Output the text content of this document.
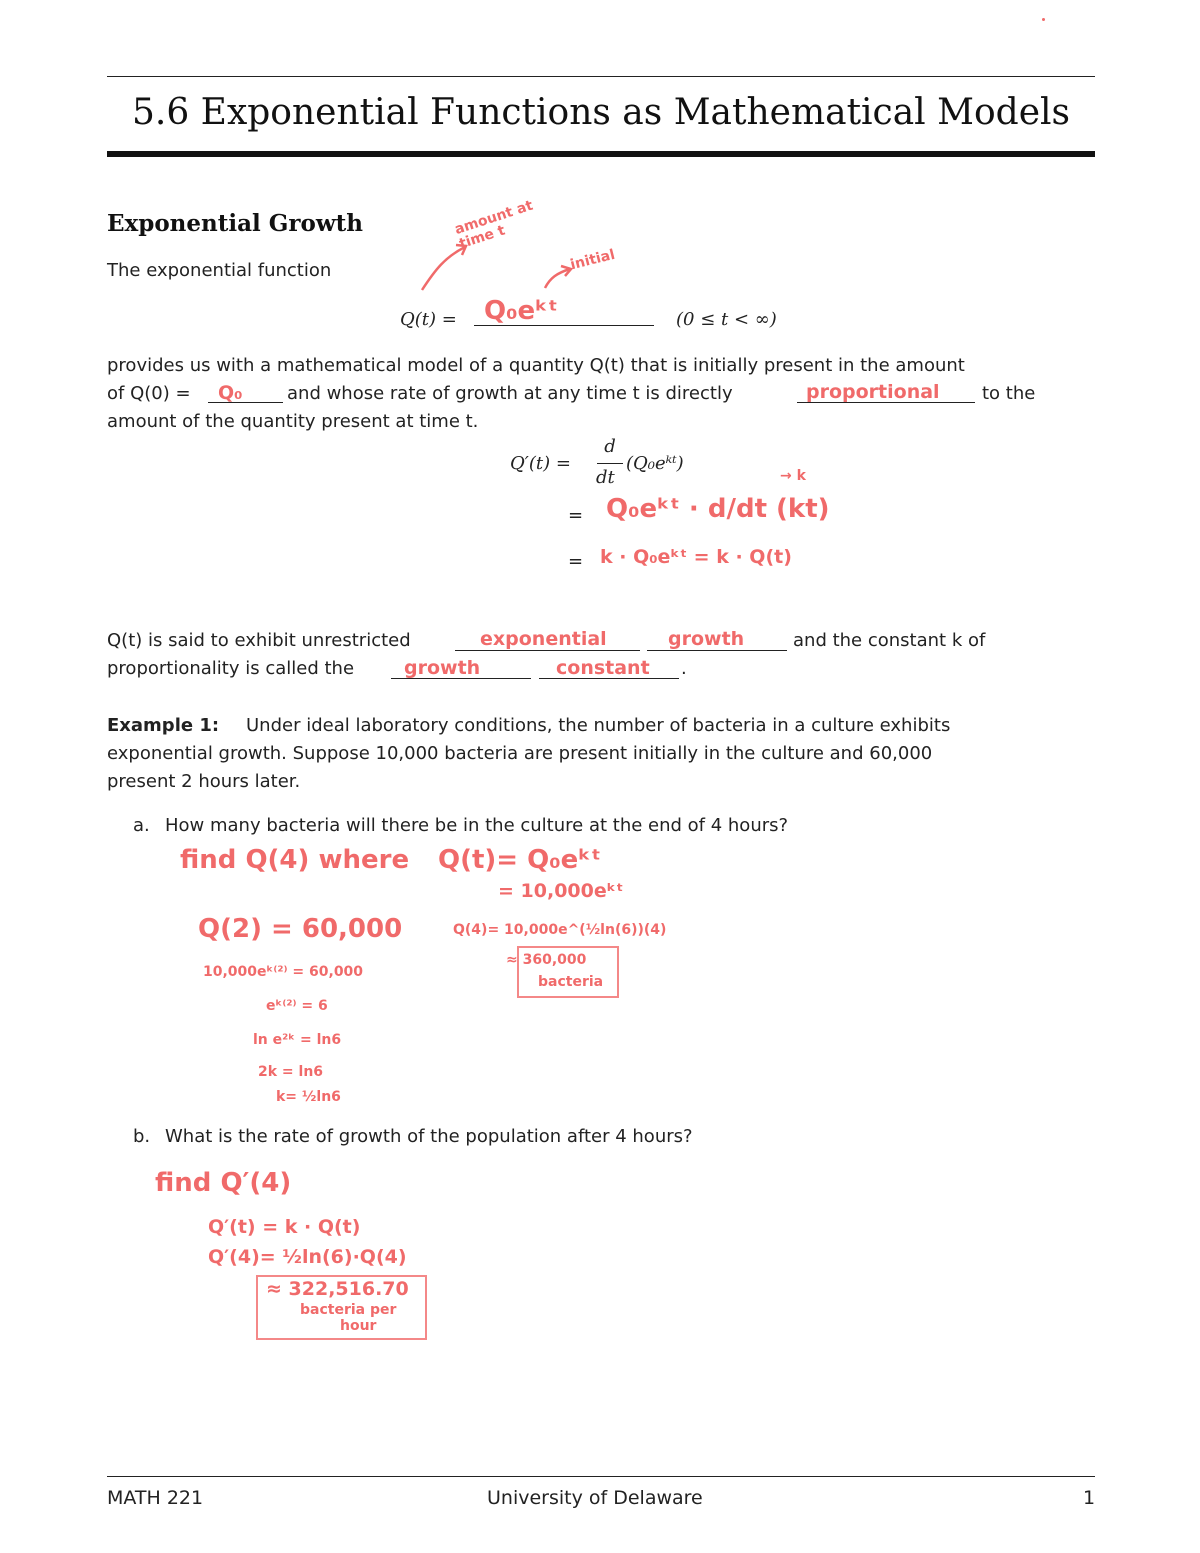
5.6 Exponential Functions as Mathematical Models
Exponential Growth
The exponential function
amount at time t
initial
Q(t) = Q₀eᵏᵗ	(0 ≤ t < ∞)
provides us with a mathematical model of a quantity Q(t) that is initially present in the amount
of Q(0) = Q₀ and whose rate of growth at any time t is directly	proportional to the
amount of the quantity present at time t.
Q′(t) =
d
dt
(Q₀eᵏᵗ)
= Q₀eᵏᵗ · d/dt (kt)
→ k
= k · Q₀eᵏᵗ = k · Q(t)
Q(t) is said to exhibit unrestricted	exponential	growth	and the constant k of
proportionality is called the	growth	constant .
Example 1: Under ideal laboratory conditions, the number of bacteria in a culture exhibits
exponential growth. Suppose 10,000 bacteria are present initially in the culture and 60,000
present 2 hours later.
a. How many bacteria will there be in the culture at the end of 4 hours?
find Q(4) where Q(t)= Q₀eᵏᵗ
= 10,000eᵏᵗ
Q(2) = 60,000	Q(4)= 10,000e^(½ln(6))(4)
10,000eᵏ⁽²⁾ = 60,000
eᵏ⁽²⁾ = 6
ln e²ᵏ = ln6
2k = ln6
k= ½ln6
≈ 360,000
bacteria
b. What is the rate of growth of the population after 4 hours?
find Q′(4)
Q′(t) = k · Q(t)
Q′(4)= ½ln(6)·Q(4)
≈ 322,516.70
bacteria per
hour
MATH 221	University of Delaware	1
